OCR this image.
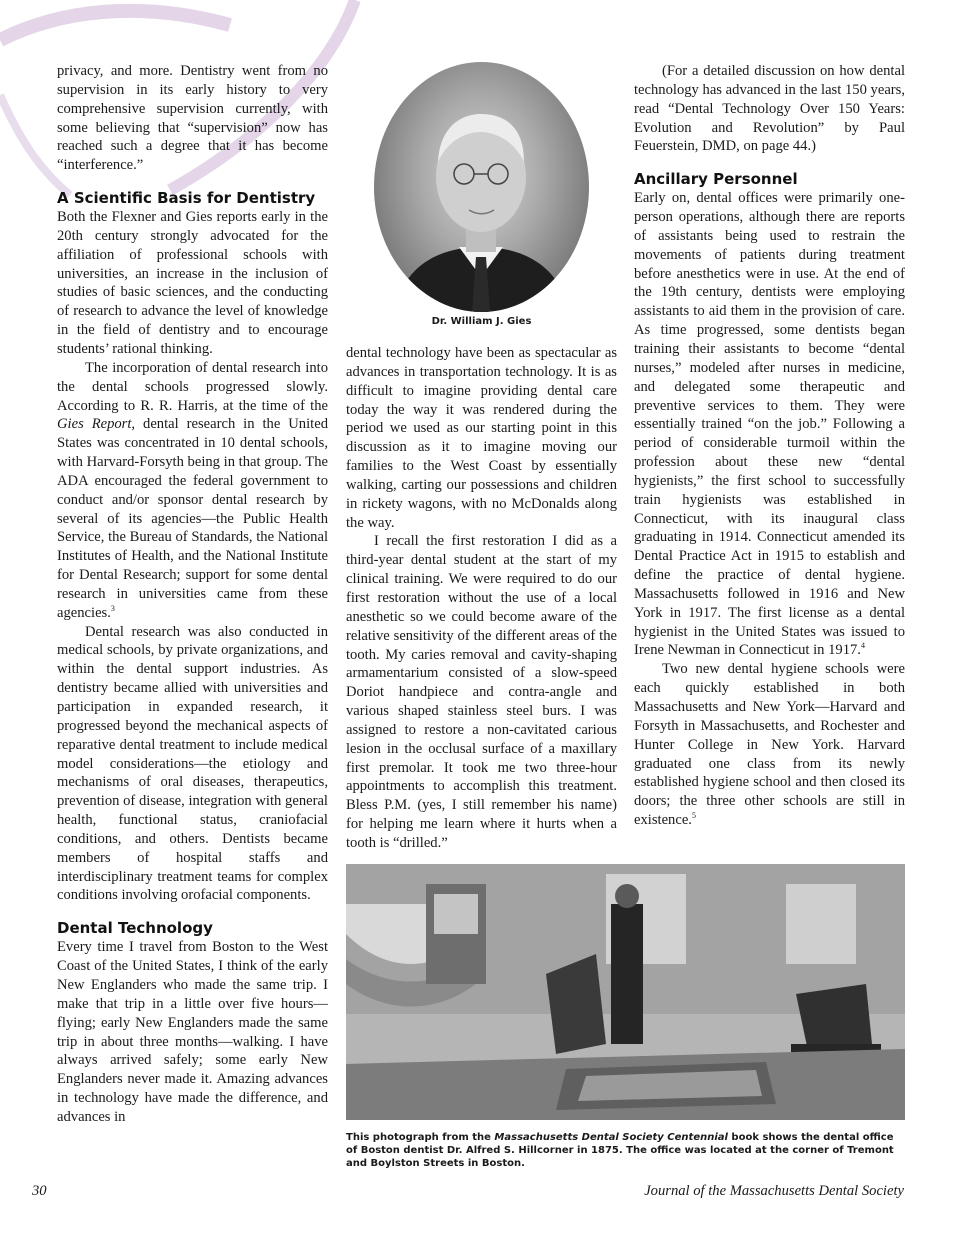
privacy, and more. Dentistry went from no supervision in its early history to very comprehensive supervision currently, with some believing that “supervision” now has reached such a degree that it has become “interference.”

A Scientific Basis for Dentistry

Both the Flexner and Gies reports early in the 20th century strongly advocated for the affiliation of professional schools with universities, an increase in the inclusion of studies of basic sciences, and the conducting of research to advance the level of knowledge in the field of dentistry and to encourage students’ rational thinking.

The incorporation of dental research into the dental schools progressed slowly. According to R. R. Harris, at the time of the Gies Report, dental research in the United States was concentrated in 10 dental schools, with Harvard-Forsyth being in that group. The ADA encouraged the federal government to conduct and/or sponsor dental research by several of its agencies—the Public Health Service, the Bureau of Standards, the National Institutes of Health, and the National Institute for Dental Research; support for some dental research in universities came from these agencies.$^3$

Dental research was also conducted in medical schools, by private organizations, and within the dental support industries. As dentistry became allied with universities and participation in expanded research, it progressed beyond the mechanical aspects of reparative dental treatment to include medical model considerations—the etiology and mechanisms of oral diseases, therapeutics, prevention of disease, integration with general health, functional status, craniofacial conditions, and others. Dentists became members of hospital staffs and interdisciplinary treatment teams for complex conditions involving orofacial components.

Dental Technology

Every time I travel from Boston to the West Coast of the United States, I think of the early New Englanders who made the same trip. I make that trip in a little over five hours—flying; early New Englanders made the same trip in about three months—walking. I have always arrived safely; some early New Englanders never made it. Amazing advances in technology have made the difference, and advances in

Dr. William J. Gies

dental technology have been as spectacular as advances in transportation technology. It is as difficult to imagine providing dental care today the way it was rendered during the period we used as our starting point in this discussion as it to imagine moving our families to the West Coast by essentially walking, carting our possessions and children in rickety wagons, with no McDonalds along the way.

I recall the first restoration I did as a third-year dental student at the start of my clinical training. We were required to do our first restoration without the use of a local anesthetic so we could become aware of the relative sensitivity of the different areas of the tooth. My caries removal and cavity-shaping armamentarium consisted of a slow-speed Doriot handpiece and contra-angle and various shaped stainless steel burs. I was assigned to restore a non-cavitated carious lesion in the occlusal surface of a maxillary first premolar. It took me two three-hour appointments to accomplish this treatment. Bless P.M. (yes, I still remember his name) for helping me learn where it hurts when a tooth is “drilled.”

(For a detailed discussion on how dental technology has advanced in the last 150 years, read “Dental Technology Over 150 Years: Evolution and Revolution” by Paul Feuerstein, DMD, on page 44.)

Ancillary Personnel

Early on, dental offices were primarily one-person operations, although there are reports of assistants being used to restrain the movements of patients during treatment before anesthetics were in use. At the end of the 19th century, dentists were employing assistants to aid them in the provision of care. As time progressed, some dentists began training their assistants to become “dental nurses,” modeled after nurses in medicine, and delegated some therapeutic and preventive services to them. They were essentially trained “on the job.” Following a period of considerable turmoil within the profession about these new “dental hygienists,” the first school to successfully train hygienists was established in Connecticut, with its inaugural class graduating in 1914. Connecticut amended its Dental Practice Act in 1915 to establish and define the practice of dental hygiene. Massachusetts followed in 1916 and New York in 1917. The first license as a dental hygienist in the United States was issued to Irene Newman in Connecticut in 1917.$^4$

Two new dental hygiene schools were each quickly established in both Massachusetts and New York—Harvard and Forsyth in Massachusetts, and Rochester and Hunter College in New York. Harvard graduated one class from its newly established hygiene school and then closed its doors; the three other schools are still in existence.$^5$

This photograph from the Massachusetts Dental Society Centennial book shows the dental office of Boston dentist Dr. Alfred S. Hillcorner in 1875. The office was located at the corner of Tremont and Boylston Streets in Boston.
30	Journal of the Massachusetts Dental Society
